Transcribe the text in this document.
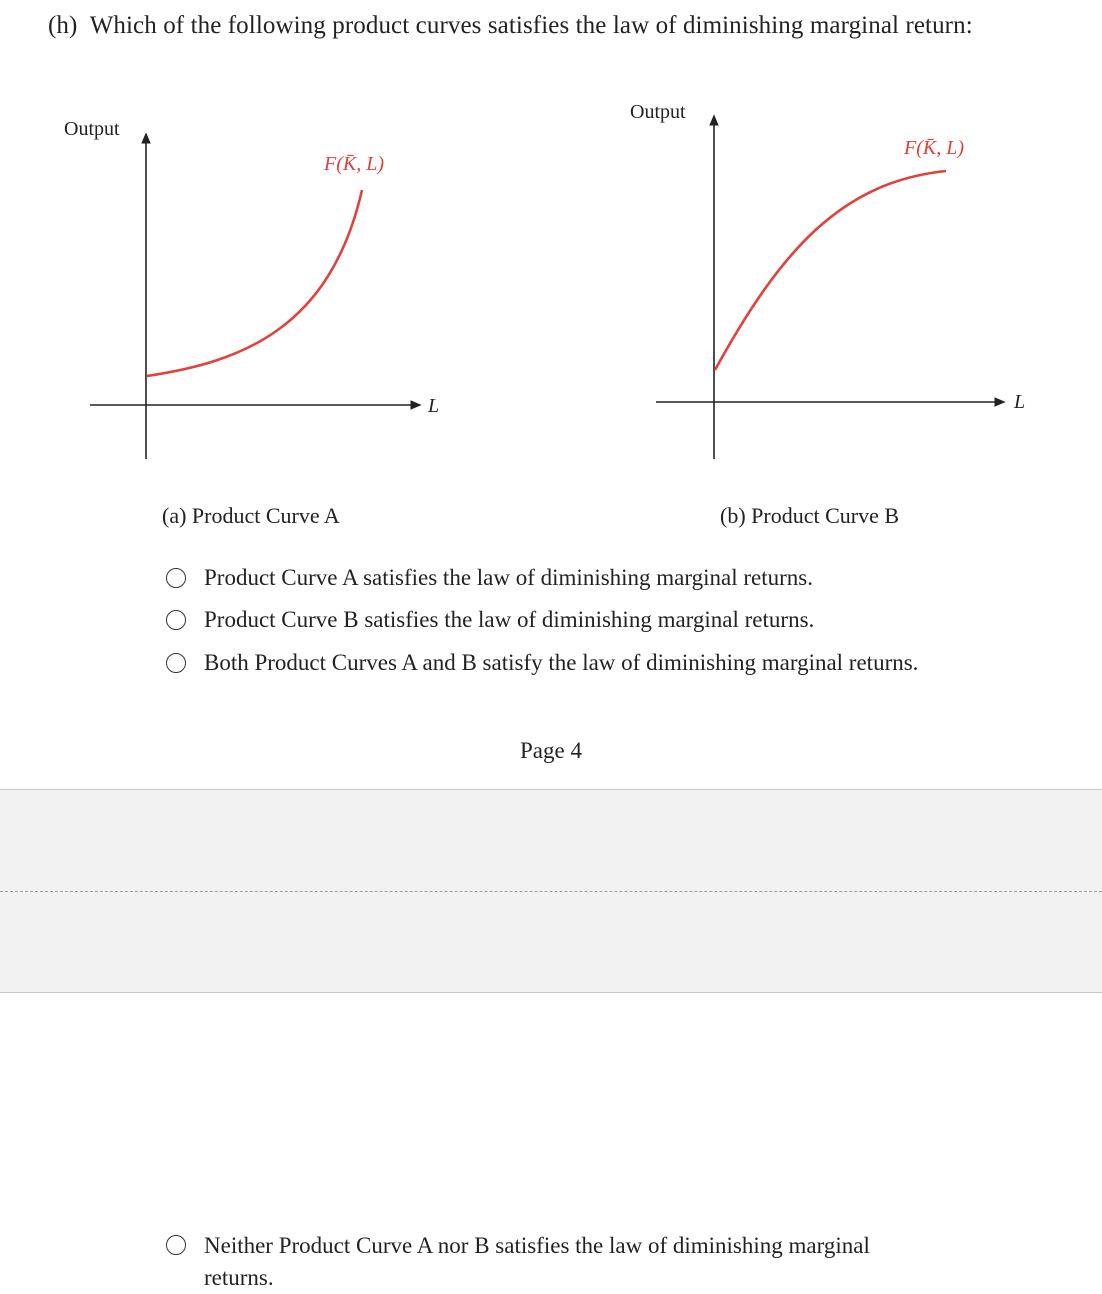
(h) Which of the following product curves satisfies the law of diminishing marginal return:
Output
L
F(K̄, L)
Output
L
F(K̄, L)
(a) Product Curve A	(b) Product Curve B
Product Curve A satisfies the law of diminishing marginal returns.
Product Curve B satisfies the law of diminishing marginal returns.
Both Product Curves A and B satisfy the law of diminishing marginal returns.
Page 4
Neither Product Curve A nor B satisfies the law of diminishing marginal
returns.
